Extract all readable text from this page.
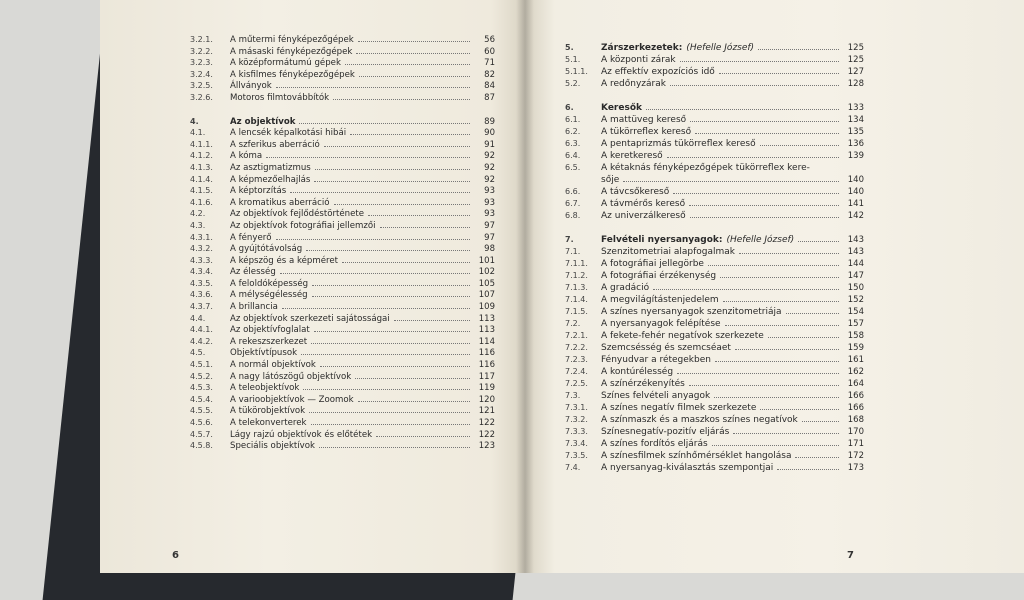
3.2.1.	A műtermi fényképezőgépek	56
3.2.2.	A másaski fényképezőgépek	60
3.2.3.	A középformátumú gépek	71
3.2.4.	A kisfilmes fényképezőgépek	82
3.2.5.	Állványok	84
3.2.6.	Motoros filmtovábbítók	87
4.	Az objektívok	89
4.1.	A lencsék képalkotási hibái	90
4.1.1.	A szferikus aberráció	91
4.1.2.	A kóma	92
4.1.3.	Az asztigmatizmus	92
4.1.4.	A képmezőelhajlás	92
4.1.5.	A képtorzítás	93
4.1.6.	A kromatikus aberráció	93
4.2.	Az objektívok fejlődéstörténete	93
4.3.	Az objektívok fotográfiai jellemzői	97
4.3.1.	A fényerő	97
4.3.2.	A gyújtótávolság	98
4.3.3.	A képszög és a képméret	101
4.3.4.	Az élesség	102
4.3.5.	A feloldóképesség	105
4.3.6.	A mélységélesség	107
4.3.7.	A brillancia	109
4.4.	Az objektívok szerkezeti sajátosságai	113
4.4.1.	Az objektívfoglalat	113
4.4.2.	A rekeszszerkezet	114
4.5.	Objektívtípusok	116
4.5.1.	A normál objektívok	116
4.5.2.	A nagy látószögű objektívok	117
4.5.3.	A teleobjektívok	119
4.5.4.	A varioobjektívok — Zoomok	120
4.5.5.	A tükörobjektívok	121
4.5.6.	A telekonverterek	122
4.5.7.	Lágy rajzú objektívok és előtétek	122
4.5.8.	Speciális objektívok	123
6
5.	Zárszerkezetek: (Hefelle József)	125
5.1.	A központi zárak	125
5.1.1.	Az effektív expozíciós idő	127
5.2.	A redőnyzárak	128
6.	Keresők	133
6.1.	A mattüveg kereső	134
6.2.	A tükörreflex kereső	135
6.3.	A pentaprizmás tükörreflex kereső	136
6.4.	A keretkereső	139
6.5.	A kétaknás fényképezőgépek tükörreflex kere-
sője	140
6.6.	A távcsőkereső	140
6.7.	A távmérős kereső	141
6.8.	Az univerzálkereső	142
7.	Felvételi nyersanyagok: (Hefelle József)	143
7.1.	Szenzitometriai alapfogalmak	143
7.1.1.	A fotográfiai jellegörbe	144
7.1.2.	A fotográfiai érzékenység	147
7.1.3.	A gradáció	150
7.1.4.	A megvilágítástenjedelem	152
7.1.5.	A színes nyersanyagok szenzitometriája	154
7.2.	A nyersanyagok felépítése	157
7.2.1.	A fekete-fehér negatívok szerkezete	158
7.2.2.	Szemcsésség és szemcséaet	159
7.2.3.	Fényudvar a rétegekben	161
7.2.4.	A kontúrélesség	162
7.2.5.	A színérzékenyítés	164
7.3.	Színes felvételi anyagok	166
7.3.1.	A színes negatív filmek szerkezete	166
7.3.2.	A színmaszk és a maszkos színes negatívok	168
7.3.3.	Színesnegatív-pozitív eljárás	170
7.3.4.	A színes fordítós eljárás	171
7.3.5.	A színesfilmek színhőmérséklet hangolása	172
7.4.	A nyersanyag-kiválasztás szempontjai	173
7
